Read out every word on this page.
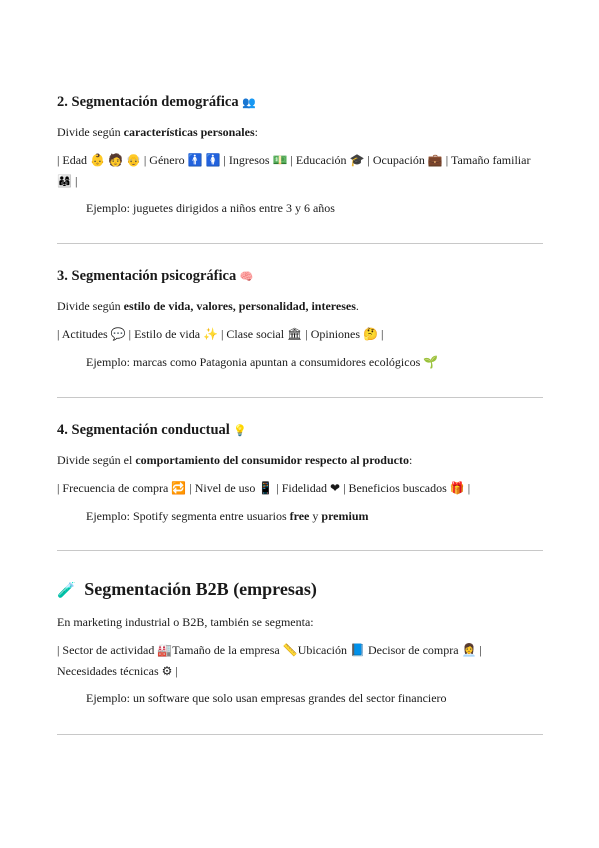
2. Segmentación demográfica 👥

Divide según características personales:

| Edad 👶 🧑 👴 | Género 🚹 🚺 | Ingresos 💵 | Educación 🎓 | Ocupación 💼 | Tamaño familiar 👨‍👩‍👧 |

Ejemplo: juguetes dirigidos a niños entre 3 y 6 años

3. Segmentación psicográfica 🧠

Divide según estilo de vida, valores, personalidad, intereses.

| Actitudes 💬 | Estilo de vida ✨ | Clase social 🏛 | Opiniones 🤔 |

Ejemplo: marcas como Patagonia apuntan a consumidores ecológicos 🌱

4. Segmentación conductual 💡

Divide según el comportamiento del consumidor respecto al producto:

| Frecuencia de compra 🔁 | Nivel de uso 📱 | Fidelidad ❤ | Beneficios buscados 🎁 |

Ejemplo: Spotify segmenta entre usuarios free y premium

🧪 Segmentación B2B (empresas)

En marketing industrial o B2B, también se segmenta:

| Sector de actividad 🏭Tamaño de la empresa 📏Ubicación 📘 Decisor de compra 👩‍💼 | Necesidades técnicas ⚙ |

Ejemplo: un software que solo usan empresas grandes del sector financiero
